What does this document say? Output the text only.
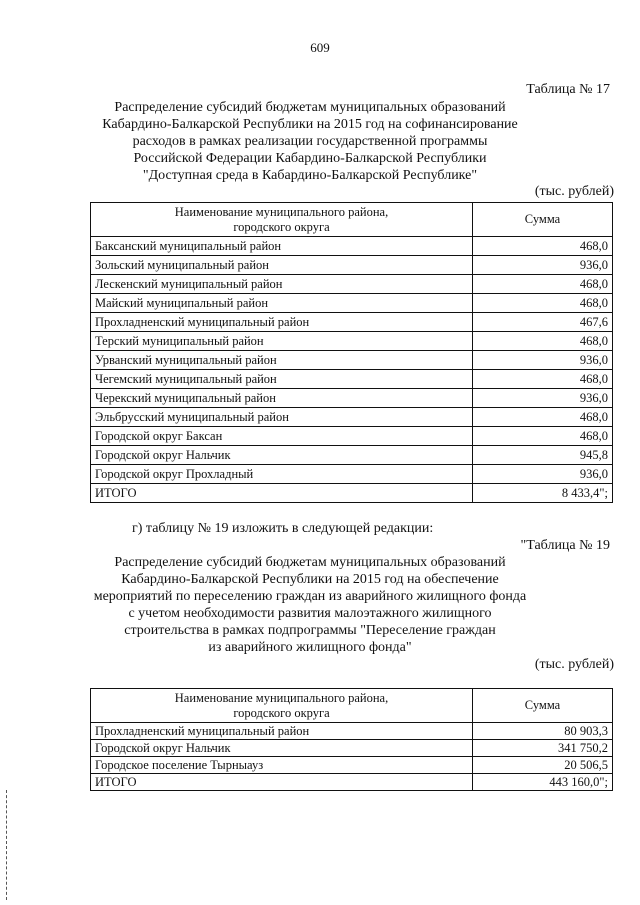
609
Таблица № 17
Распределение субсидий бюджетам муниципальных образований
Кабардино-Балкарской Республики на 2015 год на софинансирование
расходов в рамках реализации государственной программы
Российской Федерации Кабардино-Балкарской Республики
"Доступная среда в Кабардино-Балкарской Республике"
(тыс. рублей)
Наименование муниципального района,
городского округа	Сумма
Баксанский муниципальный район	468,0
Зольский муниципальный район	936,0
Лескенский муниципальный район	468,0
Майский муниципальный район	468,0
Прохладненский муниципальный район	467,6
Терский муниципальный район	468,0
Урванский муниципальный район	936,0
Чегемский муниципальный район	468,0
Черекский муниципальный район	936,0
Эльбрусский муниципальный район	468,0
Городской округ Баксан	468,0
Городской округ Нальчик	945,8
Городской округ Прохладный	936,0
ИТОГО	8 433,4";
г) таблицу № 19 изложить в следующей редакции:
"Таблица № 19
Распределение субсидий бюджетам муниципальных образований
Кабардино-Балкарской Республики на 2015 год на обеспечение
мероприятий по переселению граждан из аварийного жилищного фонда
с учетом необходимости развития малоэтажного жилищного
строительства в рамках подпрограммы "Переселение граждан
из аварийного жилищного фонда"
(тыс. рублей)
Наименование муниципального района,
городского округа	Сумма
Прохладненский муниципальный район	80 903,3
Городской округ Нальчик	341 750,2
Городское поселение Тырныауз	20 506,5
ИТОГО	443 160,0";
